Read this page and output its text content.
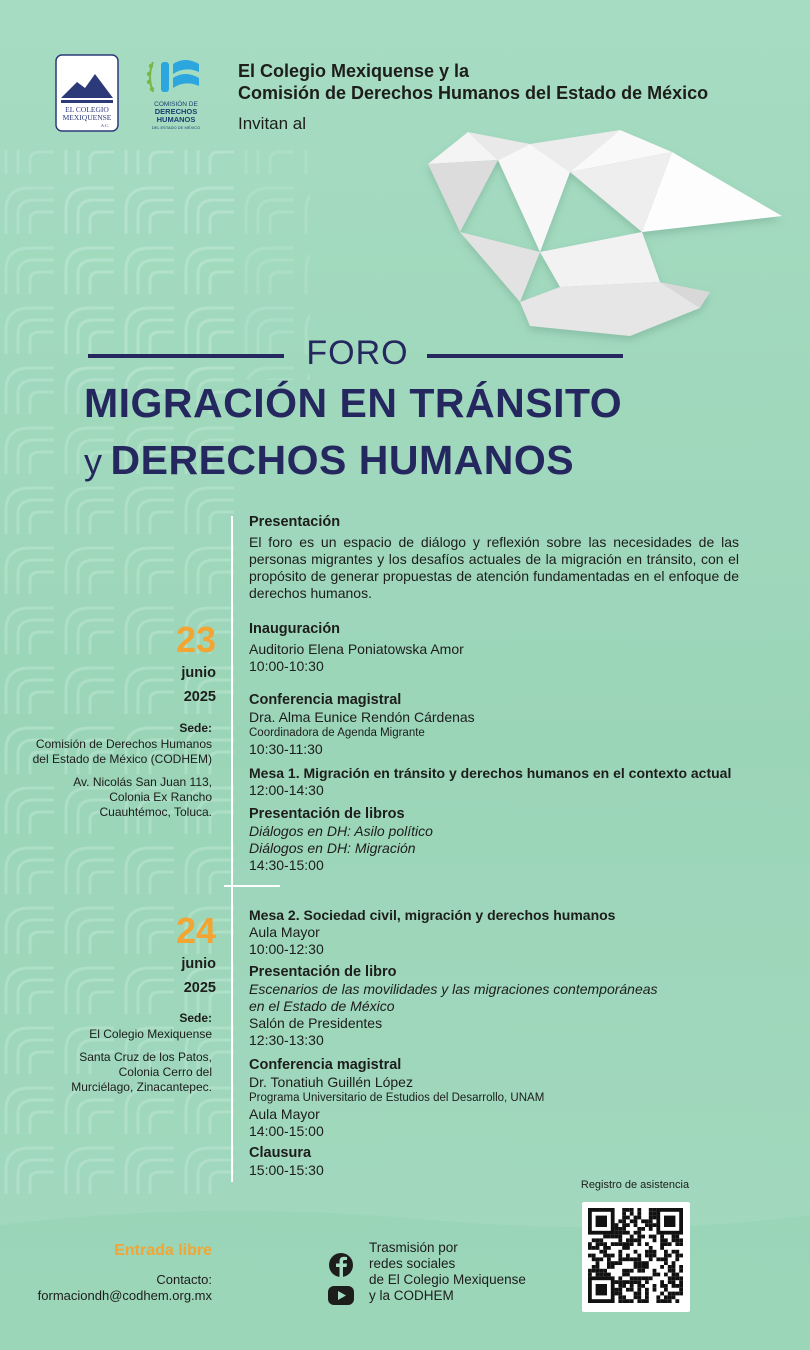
EL COLEGIO
MEXIQUENSE
A.C.
COMISIÓN DE
DERECHOS
HUMANOS
DEL ESTADO DE MÉXICO
El Colegio Mexiquense y la
Comisión de Derechos Humanos del Estado de México
Invitan al
FORO
MIGRACIÓN EN TRÁNSITO
y DERECHOS HUMANOS
Presentación
El foro es un espacio de diálogo y reflexión sobre las necesidades de las personas migrantes y los desafíos actuales de la migración en tránsito, con el propósito de generar propuestas de atención fundamentadas en el enfoque de derechos humanos.
23
junio
2025
Sede:
Comisión de Derechos Humanos
del Estado de México (CODHEM)
Av. Nicolás San Juan 113,
Colonia Ex Rancho
Cuauhtémoc, Toluca.
Inauguración
Auditorio Elena Poniatowska Amor
10:00-10:30
Conferencia magistral
Dra. Alma Eunice Rendón Cárdenas
Coordinadora de Agenda Migrante
10:30-11:30
Mesa 1. Migración en tránsito y derechos humanos en el contexto actual
12:00-14:30
Presentación de libros
Diálogos en DH: Asilo político
Diálogos en DH: Migración
14:30-15:00
24
junio
2025
Sede:
El Colegio Mexiquense
Santa Cruz de los Patos,
Colonia Cerro del
Murciélago, Zinacantepec.
Mesa 2. Sociedad civil, migración y derechos humanos
Aula Mayor
10:00-12:30
Presentación de libro
Escenarios de las movilidades y las migraciones contemporáneas
en el Estado de México
Salón de Presidentes
12:30-13:30
Conferencia magistral
Dr. Tonatiuh Guillén López
Programa Universitario de Estudios del Desarrollo, UNAM
Aula Mayor
14:00-15:00
Clausura
15:00-15:30
Entrada libre
Contacto:
formaciondh@codhem.org.mx
Trasmisión por
redes sociales
de El Colegio Mexiquense
y la CODHEM
Registro de asistencia
